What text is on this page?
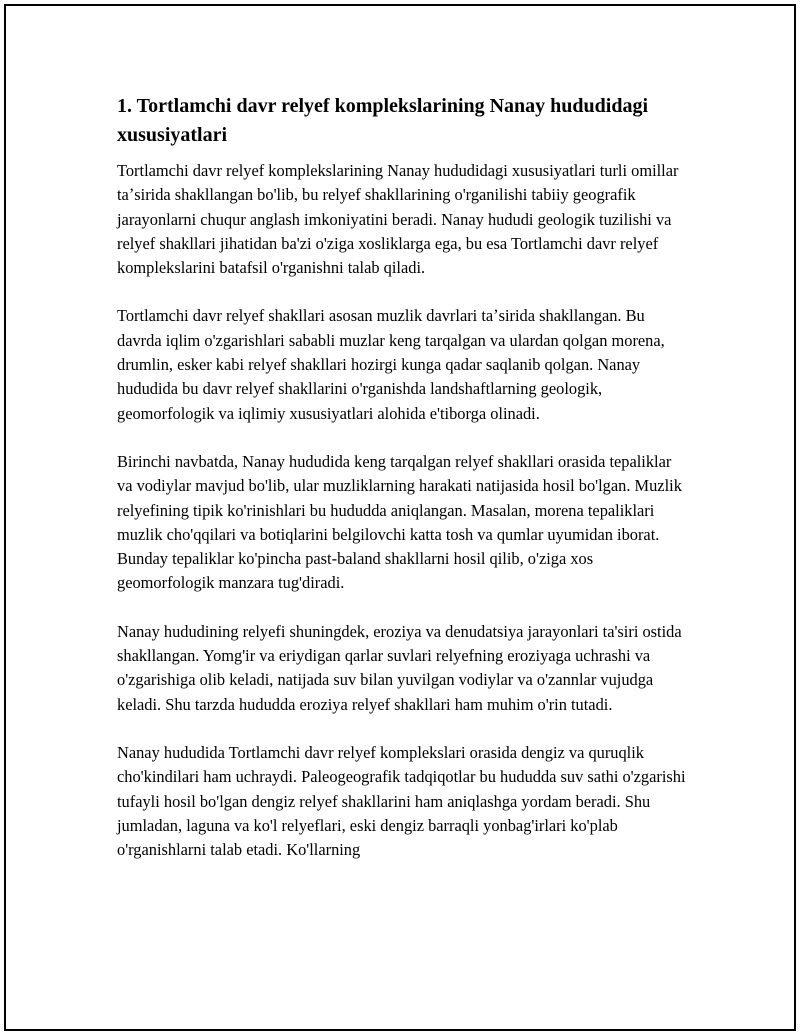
1. Tortlamchi davr relyef komplekslarining Nanay hududidagi xususiyatlari

Tortlamchi davr relyef komplekslarining Nanay hududidagi xususiyatlari turli omillar taʼsirida shakllangan bo'lib, bu relyef shakllarining o'rganilishi tabiiy geografik jarayonlarni chuqur anglash imkoniyatini beradi. Nanay hududi geologik tuzilishi va relyef shakllari jihatidan ba'zi o'ziga xosliklarga ega, bu esa Tortlamchi davr relyef komplekslarini batafsil o'rganishni talab qiladi.

Tortlamchi davr relyef shakllari asosan muzlik davrlari taʼsirida shakllangan. Bu davrda iqlim o'zgarishlari sababli muzlar keng tarqalgan va ulardan qolgan morena, drumlin, esker kabi relyef shakllari hozirgi kunga qadar saqlanib qolgan. Nanay hududida bu davr relyef shakllarini o'rganishda landshaftlarning geologik, geomorfologik va iqlimiy xususiyatlari alohida e'tiborga olinadi.

Birinchi navbatda, Nanay hududida keng tarqalgan relyef shakllari orasida tepaliklar va vodiylar mavjud bo'lib, ular muzliklarning harakati natijasida hosil bo'lgan. Muzlik relyefining tipik ko'rinishlari bu hududda aniqlangan. Masalan, morena tepaliklari muzlik cho'qqilari va botiqlarini belgilovchi katta tosh va qumlar uyumidan iborat. Bunday tepaliklar ko'pincha past-baland shakllarni hosil qilib, o'ziga xos geomorfologik manzara tug'diradi.

Nanay hududining relyefi shuningdek, eroziya va denudatsiya jarayonlari ta'siri ostida shakllangan. Yomg'ir va eriydigan qarlar suvlari relyefning eroziyaga uchrashi va o'zgarishiga olib keladi, natijada suv bilan yuvilgan vodiylar va o'zannlar vujudga keladi. Shu tarzda hududda eroziya relyef shakllari ham muhim o'rin tutadi.

Nanay hududida Tortlamchi davr relyef komplekslari orasida dengiz va quruqlik cho'kindilari ham uchraydi. Paleogeografik tadqiqotlar bu hududda suv sathi o'zgarishi tufayli hosil bo'lgan dengiz relyef shakllarini ham aniqlashga yordam beradi. Shu jumladan, laguna va ko'l relyeflari, eski dengiz barraqli yonbag'irlari ko'plab o'rganishlarni talab etadi. Ko'llarning
